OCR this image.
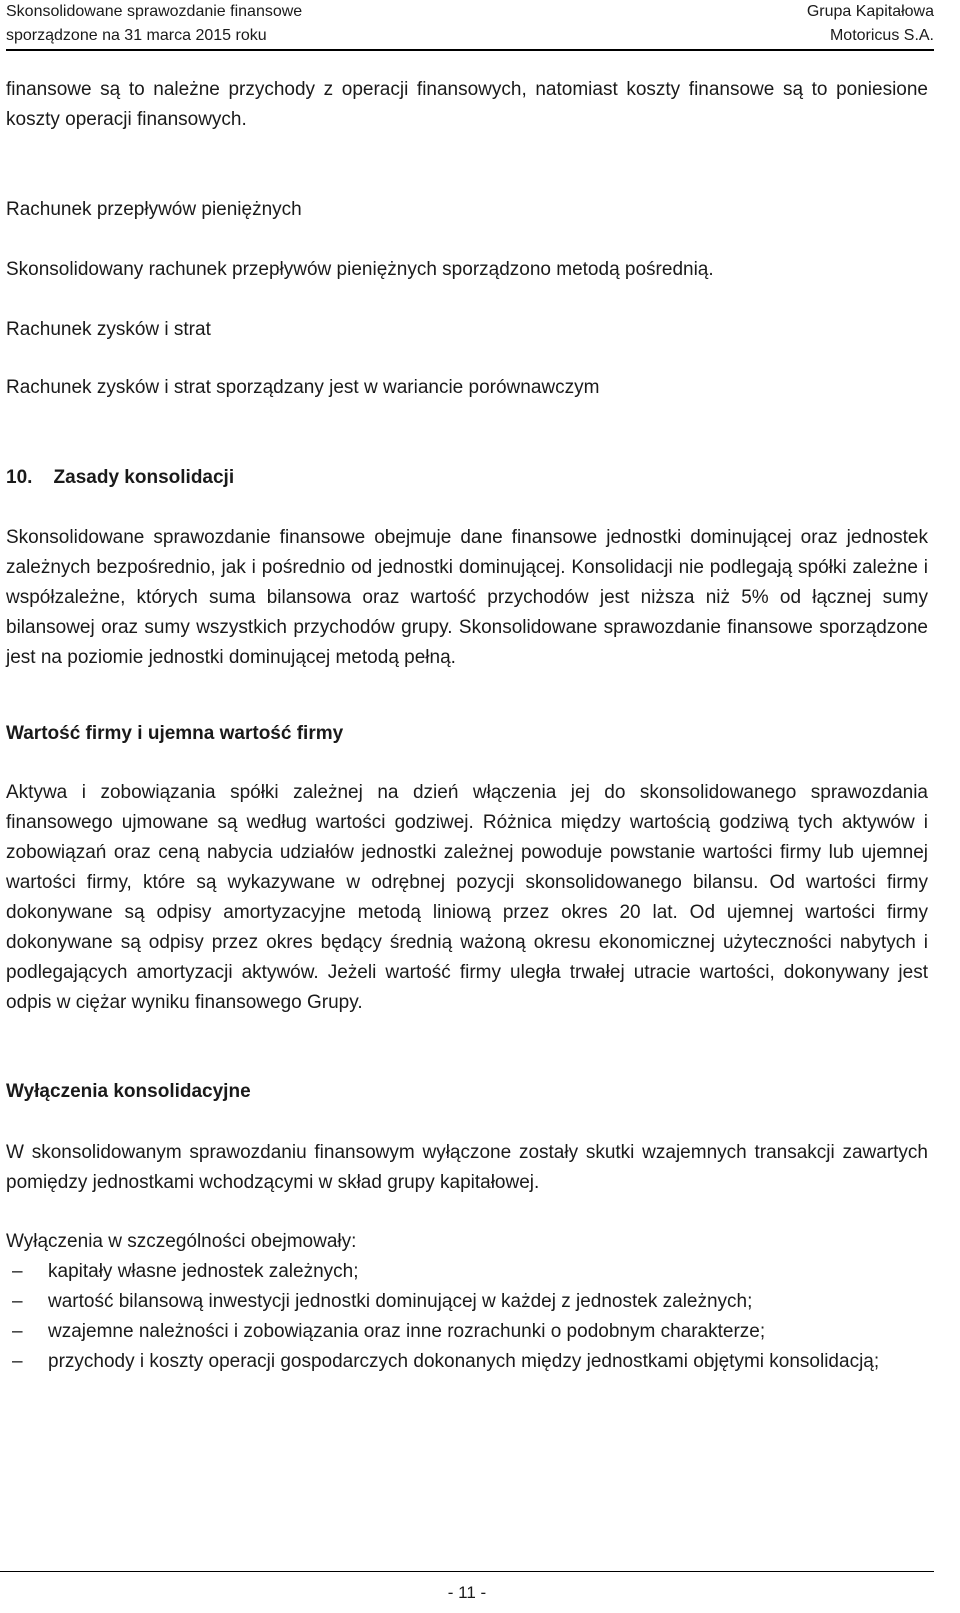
Skonsolidowane sprawozdanie finansowe
sporządzone na 31 marca 2015 roku
Grupa Kapitałowa
Motoricus S.A.

finansowe są to należne przychody z operacji finansowych, natomiast koszty finansowe są to poniesione koszty operacji finansowych.

Rachunek przepływów pieniężnych

Skonsolidowany rachunek przepływów pieniężnych sporządzono metodą pośrednią.

Rachunek zysków i strat

Rachunek zysków i strat sporządzany jest w wariancie porównawczym

10. Zasady konsolidacji

Skonsolidowane sprawozdanie finansowe obejmuje dane finansowe jednostki dominującej oraz jednostek zależnych bezpośrednio, jak i pośrednio od jednostki dominującej. Konsolidacji nie podlegają spółki zależne i współzależne, których suma bilansowa oraz wartość przychodów jest niższa niż 5% od łącznej sumy bilansowej oraz sumy wszystkich przychodów grupy. Skonsolidowane sprawozdanie finansowe sporządzone jest na poziomie jednostki dominującej metodą pełną.

Wartość firmy i ujemna wartość firmy

Aktywa i zobowiązania spółki zależnej na dzień włączenia jej do skonsolidowanego sprawozdania finansowego ujmowane są według wartości godziwej. Różnica między wartością godziwą tych aktywów i zobowiązań oraz ceną nabycia udziałów jednostki zależnej powoduje powstanie wartości firmy lub ujemnej wartości firmy, które są wykazywane w odrębnej pozycji skonsolidowanego bilansu. Od wartości firmy dokonywane są odpisy amortyzacyjne metodą liniową przez okres 20 lat. Od ujemnej wartości firmy dokonywane są odpisy przez okres będący średnią ważoną okresu ekonomicznej użyteczności nabytych i podlegających amortyzacji aktywów. Jeżeli wartość firmy uległa trwałej utracie wartości, dokonywany jest odpis w ciężar wyniku finansowego Grupy.

Wyłączenia konsolidacyjne

W skonsolidowanym sprawozdaniu finansowym wyłączone zostały skutki wzajemnych transakcji zawartych pomiędzy jednostkami wchodzącymi w skład grupy kapitałowej.

Wyłączenia w szczególności obejmowały:

– kapitały własne jednostek zależnych;
– wartość bilansową inwestycji jednostki dominującej w każdej z jednostek zależnych;
– wzajemne należności i zobowiązania oraz inne rozrachunki o podobnym charakterze;
– przychody i koszty operacji gospodarczych dokonanych między jednostkami objętymi konsolidacją;
- 11 -
